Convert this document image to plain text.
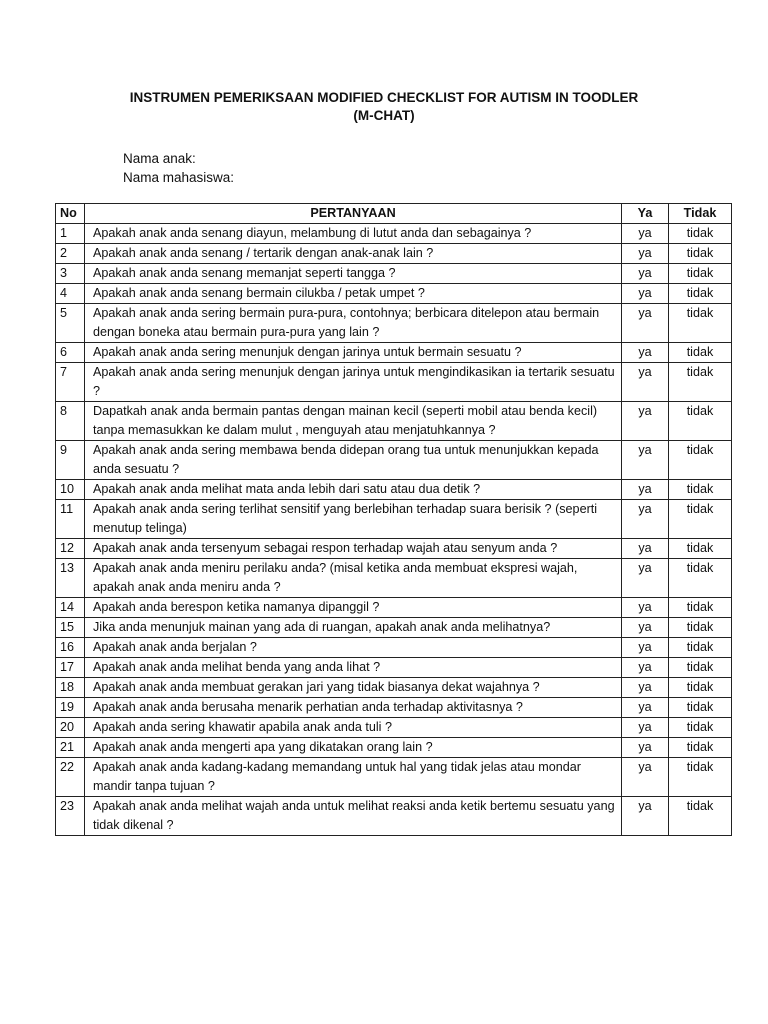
INSTRUMEN PEMERIKSAAN MODIFIED CHECKLIST FOR AUTISM IN TOODLER
(M-CHAT)
Nama anak:
Nama mahasiswa:
No	PERTANYAAN	Ya	Tidak
1	Apakah anak anda senang diayun, melambung di lutut anda dan sebagainya ?	ya	tidak
2	Apakah anak anda senang / tertarik dengan anak-anak lain ?	ya	tidak
3	Apakah anak anda senang memanjat seperti tangga ?	ya	tidak
4	Apakah anak anda senang bermain cilukba / petak umpet ?	ya	tidak
5	Apakah anak anda sering bermain pura-pura, contohnya; berbicara ditelepon atau bermain dengan boneka atau bermain pura-pura yang lain ?	ya	tidak
6	Apakah anak anda sering menunjuk dengan jarinya untuk bermain sesuatu ?	ya	tidak
7	Apakah anak anda sering menunjuk dengan jarinya untuk mengindikasikan ia tertarik sesuatu ?	ya	tidak
8	Dapatkah anak anda bermain pantas dengan mainan kecil (seperti mobil atau benda kecil) tanpa memasukkan ke dalam mulut , menguyah atau menjatuhkannya ?	ya	tidak
9	Apakah anak anda sering membawa benda didepan orang tua untuk menunjukkan kepada anda sesuatu ?	ya	tidak
10	Apakah anak anda melihat mata anda lebih dari satu atau dua detik ?	ya	tidak
11	Apakah anak anda sering terlihat sensitif yang berlebihan terhadap suara berisik ? (seperti menutup telinga)	ya	tidak
12	Apakah anak anda tersenyum sebagai respon terhadap wajah atau senyum anda ?	ya	tidak
13	Apakah anak anda meniru perilaku anda? (misal ketika anda membuat ekspresi wajah, apakah anak anda meniru anda ?	ya	tidak
14	Apakah anda berespon ketika namanya dipanggil ?	ya	tidak
15	Jika anda menunjuk mainan yang ada di ruangan, apakah anak anda melihatnya?	ya	tidak
16	Apakah anak anda berjalan ?	ya	tidak
17	Apakah anak anda melihat benda yang anda lihat ?	ya	tidak
18	Apakah anak anda membuat gerakan jari yang tidak biasanya dekat wajahnya ?	ya	tidak
19	Apakah anak anda berusaha menarik perhatian anda terhadap aktivitasnya ?	ya	tidak
20	Apakah anda sering khawatir apabila anak anda tuli ?	ya	tidak
21	Apakah anak anda mengerti apa yang dikatakan orang lain ?	ya	tidak
22	Apakah anak anda kadang-kadang memandang untuk hal yang tidak jelas atau mondar mandir tanpa tujuan ?	ya	tidak
23	Apakah anak anda melihat wajah anda untuk melihat reaksi anda ketik bertemu sesuatu yang tidak dikenal ?	ya	tidak
